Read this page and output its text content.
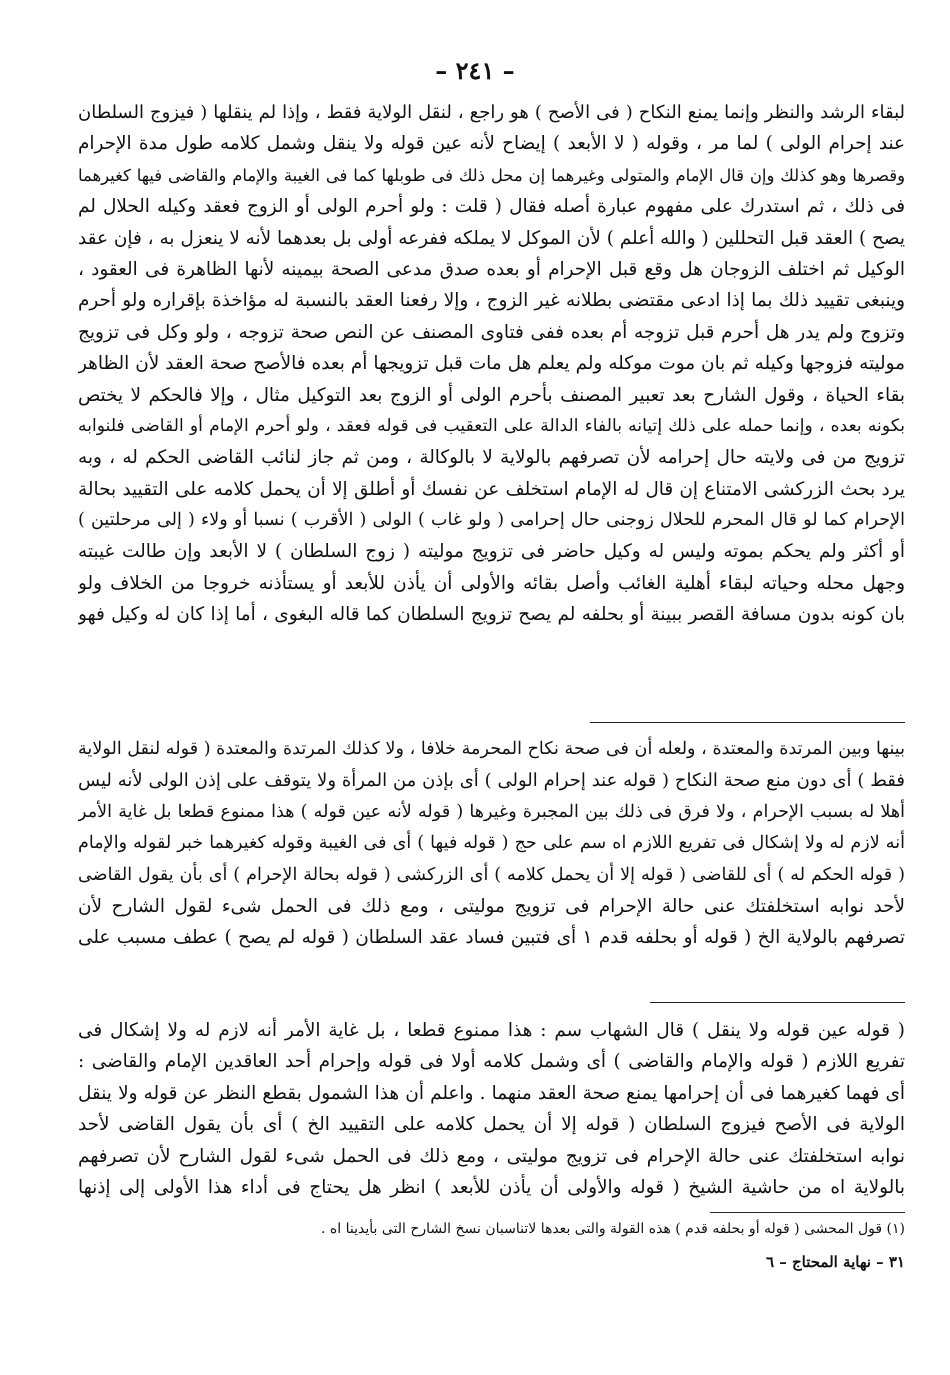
– ٢٤١ –
لبقاء الرشد والنظر وإنما يمنع النكاح ( فى الأصح ) هو راجع ، لنقل الولاية فقط ، وإذا لم ينقلها ( فيزوج السلطان
عند إحرام الولى ) لما مر ، وقوله ( لا الأبعد ) إيضاح لأنه عين قوله ولا ينقل وشمل كلامه طول مدة الإحرام
وقصرها وهو كذلك وإن قال الإمام والمتولى وغيرهما إن محل ذلك فى طوبلها كما فى الغيبة والإمام والقاضى فيها كغيرهما
فى ذلك ، ثم استدرك على مفهوم عبارة أصله فقال ( قلت : ولو أحرم الولى أو الزوج فعقد وكيله الحلال لم
يصح ) العقد قبل التحللين ( والله أعلم ) لأن الموكل لا يملكه ففرعه أولى بل بعدهما لأنه لا ينعزل به ، فإن عقد
الوكيل ثم اختلف الزوجان هل وقع قبل الإحرام أو بعده صدق مدعى الصحة بيمينه لأنها الظاهرة فى العقود ،
وينبغى تقييد ذلك بما إذا ادعى مقتضى بطلانه غير الزوج ، وإلا رفعنا العقد بالنسبة له مؤاخذة بإقراره ولو أحرم
وتزوج ولم يدر هل أحرم قبل تزوجه أم بعده ففى فتاوى المصنف عن النص صحة تزوجه ، ولو وكل فى تزويج
موليته فزوجها وكيله ثم بان موت موكله ولم يعلم هل مات قبل تزويجها أم بعده فالأصح صحة العقد لأن الظاهر
بقاء الحياة ، وقول الشارح بعد تعبير المصنف بأحرم الولى أو الزوج بعد التوكيل مثال ، وإلا فالحكم لا يختص
بكونه بعده ، وإنما حمله على ذلك إتيانه بالفاء الدالة على التعقيب فى قوله فعقد ، ولو أحرم الإمام أو القاضى فلنوابه
تزويج من فى ولايته حال إحرامه لأن تصرفهم بالولاية لا بالوكالة ، ومن ثم جاز لنائب القاضى الحكم له ، وبه
يرد بحث الزركشى الامتناع إن قال له الإمام استخلف عن نفسك أو أطلق إلا أن يحمل كلامه على التقييد بحالة
الإحرام كما لو قال المحرم للحلال زوجنى حال إحرامى ( ولو غاب ) الولى ( الأقرب ) نسبا أو ولاء ( إلى مرحلتين )
أو أكثر ولم يحكم بموته وليس له وكيل حاضر فى تزويج موليته ( زوج السلطان ) لا الأبعد وإن طالت غيبته
وجهل محله وحياته لبقاء أهلية الغائب وأصل بقائه والأولى أن يأذن للأبعد أو يستأذنه خروجا من الخلاف ولو
بان كونه بدون مسافة القصر ببينة أو بحلفه لم يصح تزويج السلطان كما قاله البغوى ، أما إذا كان له وكيل فهو
بينها وبين المرتدة والمعتدة ، ولعله أن فى صحة نكاح المحرمة خلافا ، ولا كذلك المرتدة والمعتدة ( قوله لنقل الولاية
فقط ) أى دون منع صحة النكاح ( قوله عند إحرام الولى ) أى بإذن من المرأة ولا يتوقف على إذن الولى لأنه ليس
أهلا له بسبب الإحرام ، ولا فرق فى ذلك بين المجبرة وغيرها ( قوله لأنه عين قوله ) هذا ممنوع قطعا بل غاية الأمر
أنه لازم له ولا إشكال فى تفريع اللازم اه سم على حج ( قوله فيها ) أى فى الغيبة وقوله كغيرهما خبر لقوله والإمام
( قوله الحكم له ) أى للقاضى ( قوله إلا أن يحمل كلامه ) أى الزركشى ( قوله بحالة الإحرام ) أى بأن يقول القاضى
لأحد نوابه استخلفتك عنى حالة الإحرام فى تزويج موليتى ، ومع ذلك فى الحمل شىء لقول الشارح لأن
تصرفهم بالولاية الخ ( قوله أو بحلفه قدم ١ أى فتبين فساد عقد السلطان ( قوله لم يصح ) عطف مسبب على
( قوله عين قوله ولا ينقل ) قال الشهاب سم : هذا ممنوع قطعا ، بل غاية الأمر أنه لازم له ولا إشكال فى
تفريع اللازم ( قوله والإمام والقاضى ) أى وشمل كلامه أولا فى قوله وإحرام أحد العاقدين الإمام والقاضى :
أى فهما كغيرهما فى أن إحرامها يمنع صحة العقد منهما . واعلم أن هذا الشمول بقطع النظر عن قوله ولا ينقل
الولاية فى الأصح فيزوج السلطان ( قوله إلا أن يحمل كلامه على التقييد الخ ) أى بأن يقول القاضى لأحد
نوابه استخلفتك عنى حالة الإحرام فى تزويج موليتى ، ومع ذلك فى الحمل شىء لقول الشارح لأن تصرفهم
بالولاية اه من حاشية الشيخ ( قوله والأولى أن يأذن للأبعد ) انظر هل يحتاج فى أداء هذا الأولى إلى إذنها
(١) قول المحشى ( قوله أو بحلفه قدم ) هذه القولة والتى بعدها لاتناسبان نسخ الشارح التى بأيدينا اه .
٣١ – نهاية المحتاج – ٦
